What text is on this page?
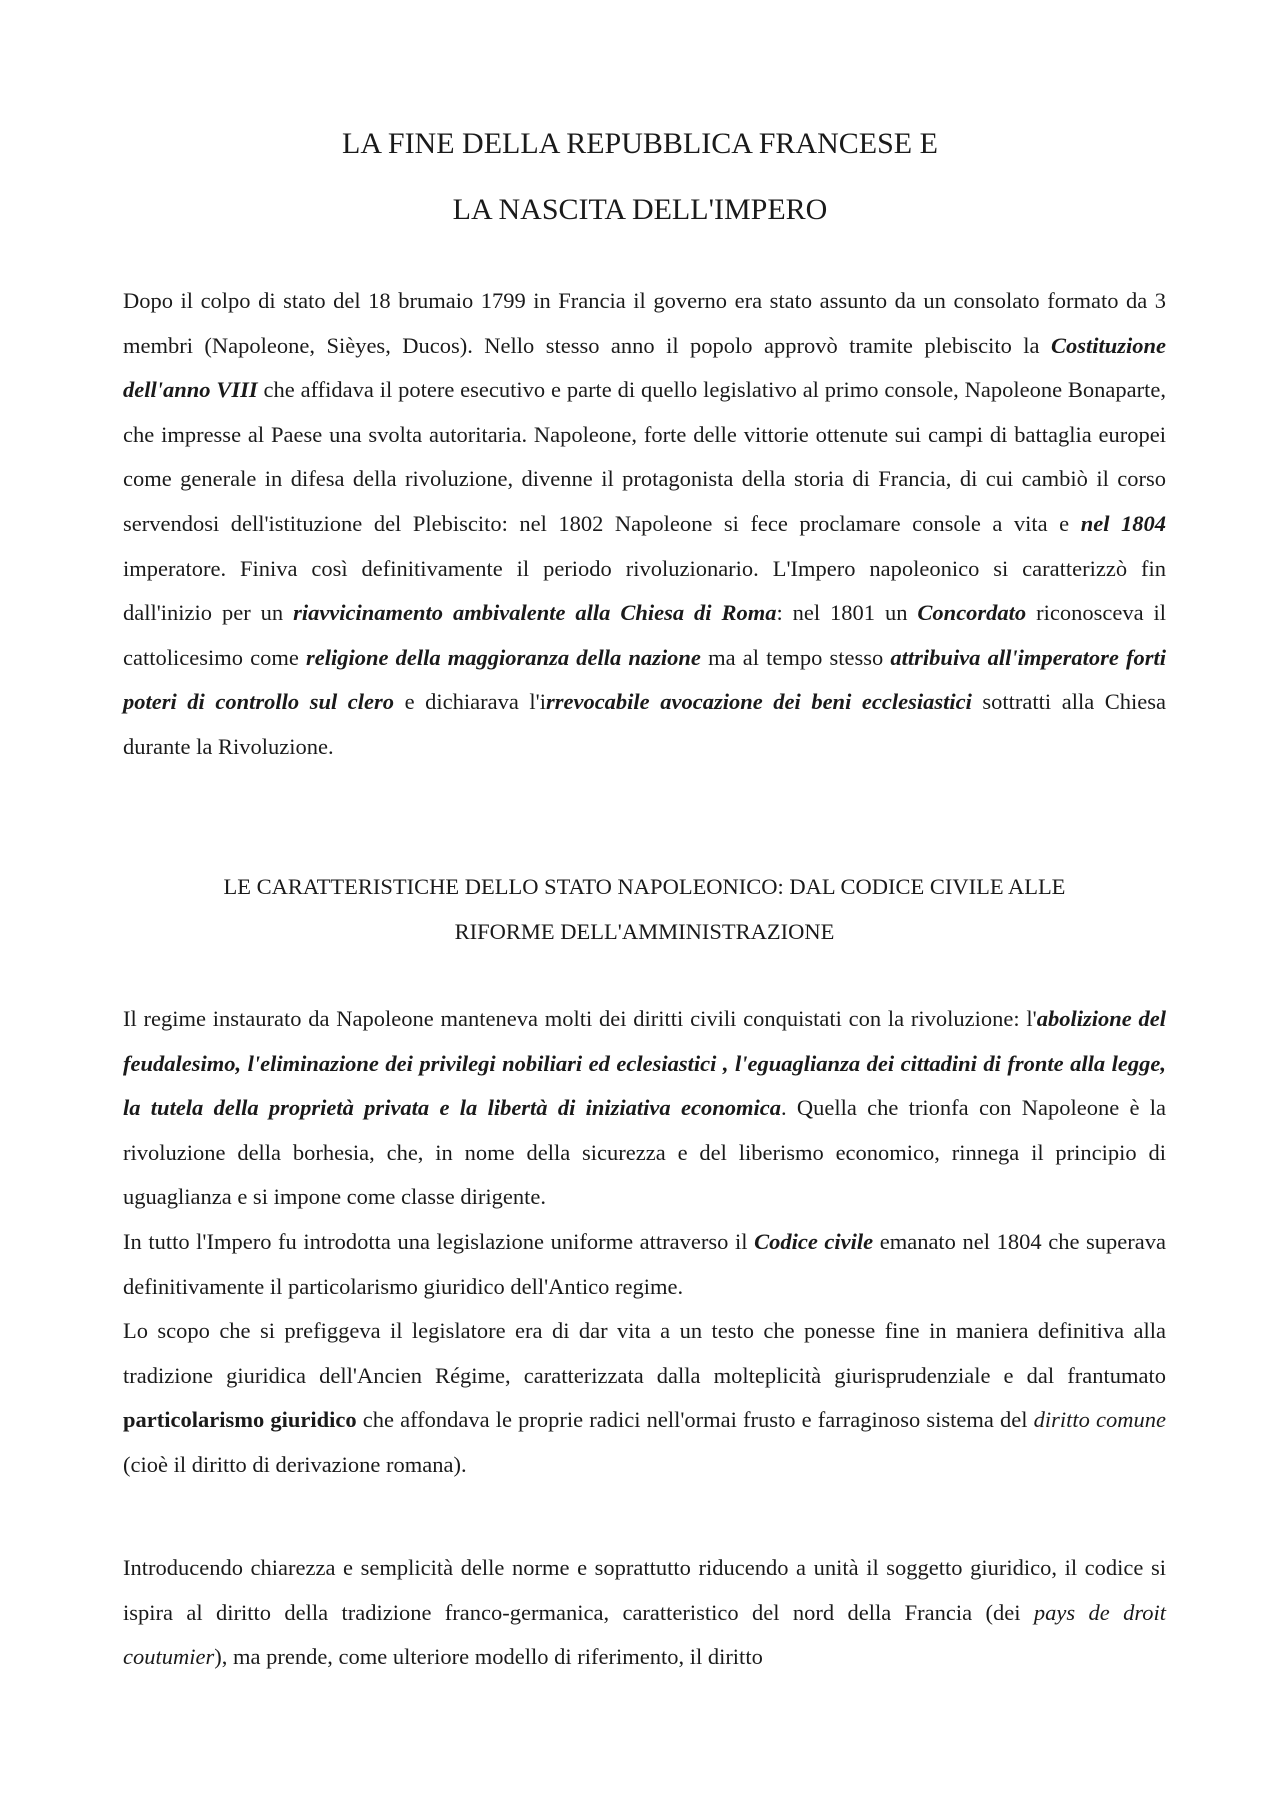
LA FINE DELLA REPUBBLICA FRANCESE E
LA NASCITA DELL'IMPERO

Dopo il colpo di stato del 18 brumaio 1799 in Francia il governo era stato assunto da un consolato formato da 3 membri (Napoleone, Sièyes, Ducos). Nello stesso anno il popolo approvò tramite plebiscito la Costituzione dell'anno VIII che affidava il potere esecutivo e parte di quello legislativo al primo console, Napoleone Bonaparte, che impresse al Paese una svolta autoritaria. Napoleone, forte delle vittorie ottenute sui campi di battaglia europei come generale in difesa della rivoluzione, divenne il protagonista della storia di Francia, di cui cambiò il corso servendosi dell'istituzione del Plebiscito: nel 1802 Napoleone si fece proclamare console a vita e nel 1804 imperatore. Finiva così definitivamente il periodo rivoluzionario. L'Impero napoleonico si caratterizzò fin dall'inizio per un riavvicinamento ambivalente alla Chiesa di Roma: nel 1801 un Concordato riconosceva il cattolicesimo come religione della maggioranza della nazione ma al tempo stesso attribuiva all'imperatore forti poteri di controllo sul clero e dichiarava l'irrevocabile avocazione dei beni ecclesiastici sottratti alla Chiesa durante la Rivoluzione.

LE CARATTERISTICHE DELLO STATO NAPOLEONICO: DAL CODICE CIVILE ALLE
RIFORME DELL'AMMINISTRAZIONE

Il regime instaurato da Napoleone manteneva molti dei diritti civili conquistati con la rivoluzione: l'abolizione del feudalesimo, l'eliminazione dei privilegi nobiliari ed eclesiastici , l'eguaglianza dei cittadini di fronte alla legge, la tutela della proprietà privata e la libertà di iniziativa economica. Quella che trionfa con Napoleone è la rivoluzione della borhesia, che, in nome della sicurezza e del liberismo economico, rinnega il principio di uguaglianza e si impone come classe dirigente.

In tutto l'Impero fu introdotta una legislazione uniforme attraverso il Codice civile emanato nel 1804 che superava definitivamente il particolarismo giuridico dell'Antico regime.

Lo scopo che si prefiggeva il legislatore era di dar vita a un testo che ponesse fine in maniera definitiva alla tradizione giuridica dell'Ancien Régime, caratterizzata dalla molteplicità giurisprudenziale e dal frantumato particolarismo giuridico che affondava le proprie radici nell'ormai frusto e farraginoso sistema del diritto comune (cioè il diritto di derivazione romana).

Introducendo chiarezza e semplicità delle norme e soprattutto riducendo a unità il soggetto giuridico, il codice si ispira al diritto della tradizione franco-germanica, caratteristico del nord della Francia (dei pays de droit coutumier), ma prende, come ulteriore modello di riferimento, il diritto
